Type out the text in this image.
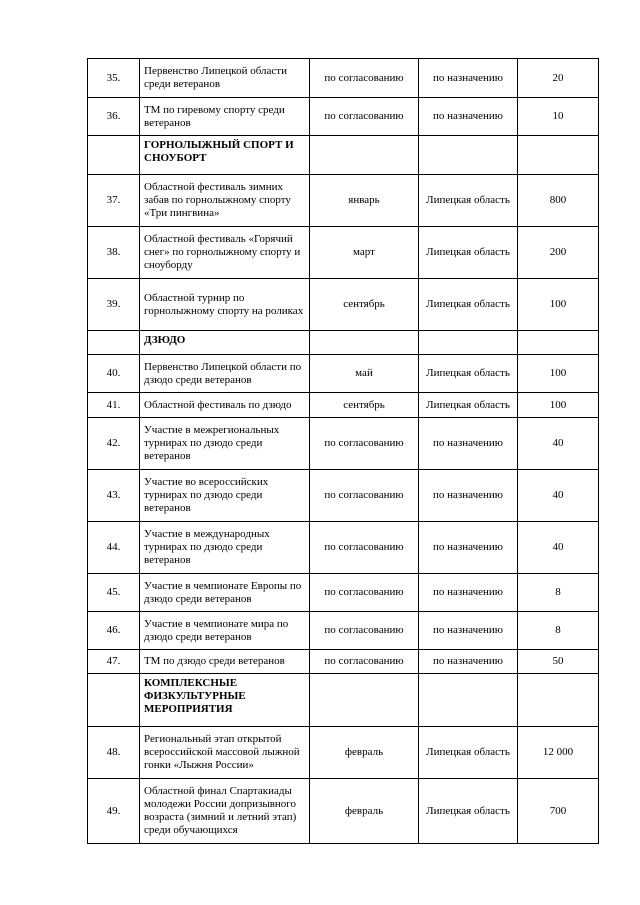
35.	Первенство Липецкой области среди ветеранов	по согласованию	по назначению	20
36.	ТМ по гиревому спорту среди ветеранов	по согласованию	по назначению	10
	ГОРНОЛЫЖНЫЙ СПОРТ И СНОУБОРТ			
37.	Областной фестиваль зимних забав по горнолыжному спорту «Три пингвина»	январь	Липецкая область	800
38.	Областной фестиваль «Горячий снег» по горнолыжному спорту и сноуборду	март	Липецкая область	200
39.	Областной турнир по горнолыжному спорту на роликах	сентябрь	Липецкая область	100
	ДЗЮДО			
40.	Первенство Липецкой области по дзюдо среди ветеранов	май	Липецкая область	100
41.	Областной фестиваль по дзюдо	сентябрь	Липецкая область	100
42.	Участие в межрегиональных турнирах по дзюдо среди ветеранов	по согласованию	по назначению	40
43.	Участие во всероссийских турнирах по дзюдо среди ветеранов	по согласованию	по назначению	40
44.	Участие в международных турнирах по дзюдо среди ветеранов	по согласованию	по назначению	40
45.	Участие в чемпионате Европы по дзюдо среди ветеранов	по согласованию	по назначению	8
46.	Участие в чемпионате мира по дзюдо среди ветеранов	по согласованию	по назначению	8
47.	ТМ по дзюдо среди ветеранов	по согласованию	по назначению	50
	КОМПЛЕКСНЫЕ ФИЗКУЛЬТУРНЫЕ МЕРОПРИЯТИЯ			
48.	Региональный этап открытой всероссийской массовой лыжной гонки «Лыжня России»	февраль	Липецкая область	12 000
49.	Областной финал Спартакиады молодежи России допризывного возраста (зимний и летний этап) среди обучающихся	февраль	Липецкая область	700
